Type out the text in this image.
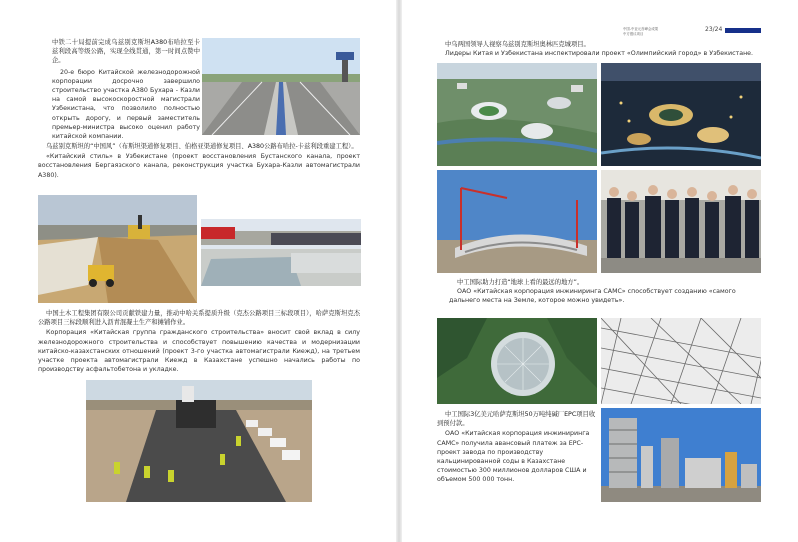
中铁二十局提前完成乌兹别克斯坦A380布哈拉至卡兹利段高等级公路，实现全线贯通，第一时间点赞中企。
20-е бюро Китайской железнодорожной корпорации досрочно завершило строительство участка A380 Бухара - Казли на самой высокоскоростной магистрали Узбекистана, что позволило полностью открыть дорогу, и первый заместитель премьер-министра высоко оценил работу китайской компании.
乌兹别克斯坦的“中国风”（布斯坦渠道修复项目、伯格亚渠道修复项目、A380公路布哈拉-卡兹利段重建工程）。
«Китайский стиль» в Узбекистане (проект восстановления Бустанского канала, проект восстановления Бергаязского канала, реконструкция участка Бухара-Казли автомагистрали A380).
中国土木工程集团有限公司贡献铁建力量，推动中哈关系提质升级（克杰公路项目三标段项目），哈萨克斯坦克杰公路项目三标段顺利进入沥青混凝土生产和摊铺作业。
Корпорация «Китайская группа гражданского строительства» вносит свой вклад в силу железнодорожного строительства и способствует повышению качества и модернизации китайско-казахстанских отношений (проект 3-го участка автомагистрали Киежд), на третьем участке проекта автомагистрали Киежд в Казахстане успешно начались работы по производству асфальтобетона и укладке.
中国-中亚元首峰会成果
中方倡议项目
23/24
中乌两国领导人视察乌兹别克斯坦奥林匹克城项目。
Лидеры Китая и Узбекистана инспектировали проект «Олимпийский город» в Узбекистане.
中工国际助力打造“地球上看的最远的地方”。
ОАО «Китайская корпорация инжиниринга CAMC» способствует созданию «самого дальнего места на Земле, которое можно увидеть».
中工国际3亿美元哈萨克斯坦50万吨纯碱厂EPC项目收到预付款。
ОАО «Китайская корпорация инжиниринга CAMC» получила авансовый платеж за EPC-проект завода по производству кальцинированной соды в Казахстане стоимостью 300 миллионов долларов США и объемом 500 000 тонн.
